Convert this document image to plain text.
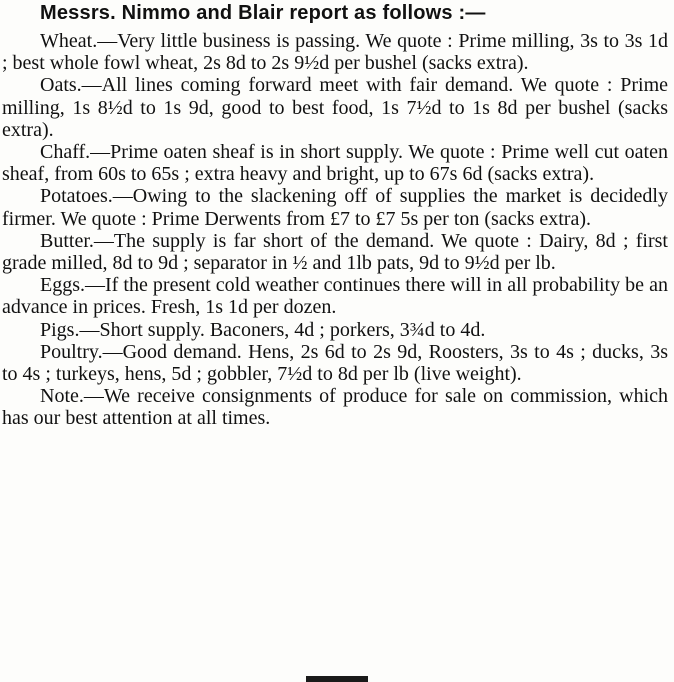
Messrs. Nimmo and Blair report as follows :—

Wheat.—Very little business is passing. We quote : Prime milling, 3s to 3s 1d ; best whole fowl wheat, 2s 8d to 2s 9½d per bushel (sacks extra).

Oats.—All lines coming forward meet with fair demand. We quote : Prime milling, 1s 8½d to 1s 9d, good to best food, 1s 7½d to 1s 8d per bushel (sacks extra).

Chaff.—Prime oaten sheaf is in short supply. We quote : Prime well cut oaten sheaf, from 60s to 65s ; extra heavy and bright, up to 67s 6d (sacks extra).

Potatoes.—Owing to the slackening off of supplies the market is decidedly firmer. We quote : Prime Derwents from £7 to £7 5s per ton (sacks extra).

Butter.—The supply is far short of the demand. We quote : Dairy, 8d ; first grade milled, 8d to 9d ; separator in ½ and 1lb pats, 9d to 9½d per lb.

Eggs.—If the present cold weather continues there will in all probability be an advance in prices. Fresh, 1s 1d per dozen.

Pigs.—Short supply. Baconers, 4d ; porkers, 3¾d to 4d.

Poultry.—Good demand. Hens, 2s 6d to 2s 9d, Roosters, 3s to 4s ; ducks, 3s to 4s ; turkeys, hens, 5d ; gobbler, 7½d to 8d per lb (live weight).

Note.—We receive consignments of produce for sale on commission, which has our best attention at all times.
